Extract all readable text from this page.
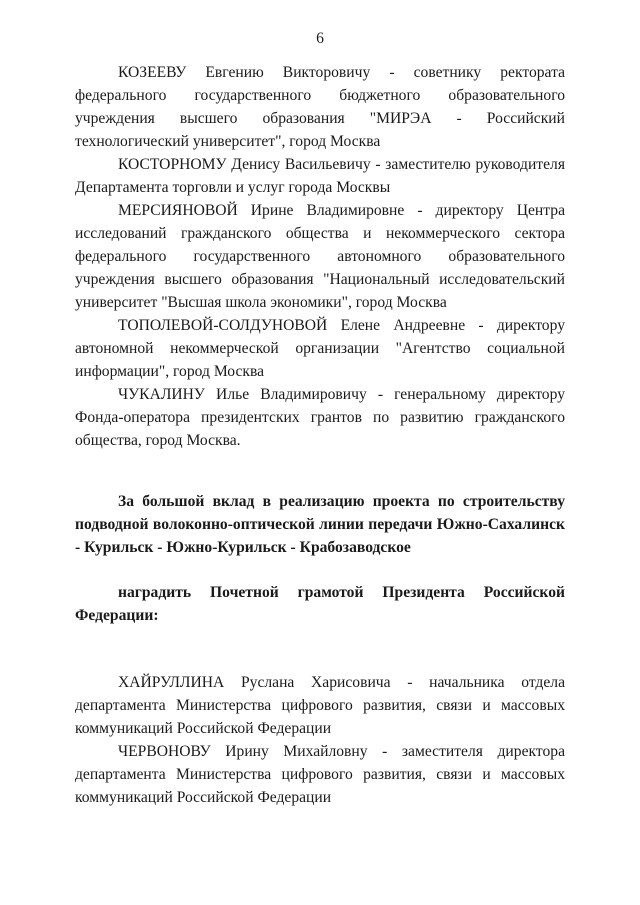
6

КОЗЕЕВУ Евгению Викторовичу - советнику ректората федерального государственного бюджетного образовательного учреждения высшего образования "МИРЭА - Российский технологический университет", город Москва

КОСТОРНОМУ Денису Васильевичу - заместителю руководителя Департамента торговли и услуг города Москвы

МЕРСИЯНОВОЙ Ирине Владимировне - директору Центра исследований гражданского общества и некоммерческого сектора федерального государственного автономного образовательного учреждения высшего образования "Национальный исследовательский университет "Высшая школа экономики", город Москва

ТОПОЛЕВОЙ-СОЛДУНОВОЙ Елене Андреевне - директору автономной некоммерческой организации "Агентство социальной информации", город Москва

ЧУКАЛИНУ Илье Владимировичу - генеральному директору Фонда-оператора президентских грантов по развитию гражданского общества, город Москва.

За большой вклад в реализацию проекта по строительству подводной волоконно-оптической линии передачи Южно-Сахалинск - Курильск - Южно-Курильск - Крабозаводское

наградить Почетной грамотой Президента Российской Федерации:

ХАЙРУЛЛИНА Руслана Харисовича - начальника отдела департамента Министерства цифрового развития, связи и массовых коммуникаций Российской Федерации

ЧЕРВОНОВУ Ирину Михайловну - заместителя директора департамента Министерства цифрового развития, связи и массовых коммуникаций Российской Федерации
